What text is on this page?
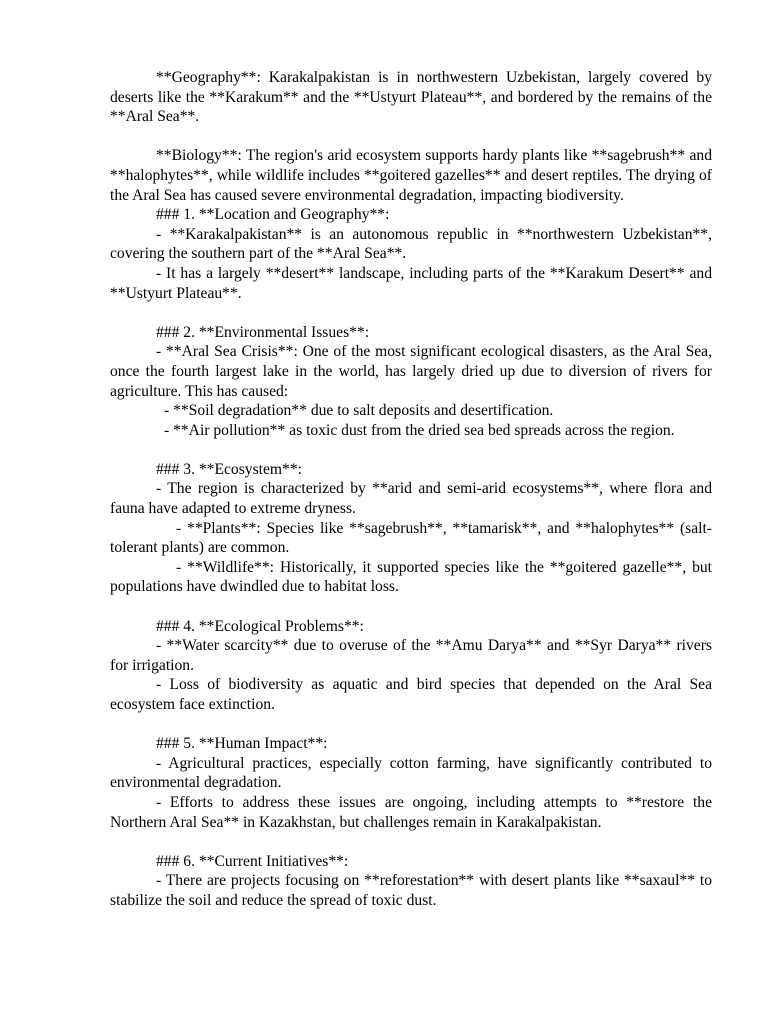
**Geography**: Karakalpakistan is in northwestern Uzbekistan, largely covered by deserts like the **Karakum** and the **Ustyurt Plateau**, and bordered by the remains of the **Aral Sea**.

**Biology**: The region's arid ecosystem supports hardy plants like **sagebrush** and **halophytes**, while wildlife includes **goitered gazelles** and desert reptiles. The drying of the Aral Sea has caused severe environmental degradation, impacting biodiversity.

### 1. **Location and Geography**:

- **Karakalpakistan** is an autonomous republic in **northwestern Uzbekistan**, covering the southern part of the **Aral Sea**.

- It has a largely **desert** landscape, including parts of the **Karakum Desert** and **Ustyurt Plateau**.

### 2. **Environmental Issues**:

- **Aral Sea Crisis**: One of the most significant ecological disasters, as the Aral Sea, once the fourth largest lake in the world, has largely dried up due to diversion of rivers for agriculture. This has caused:

- **Soil degradation** due to salt deposits and desertification.

- **Air pollution** as toxic dust from the dried sea bed spreads across the region.

### 3. **Ecosystem**:

- The region is characterized by **arid and semi-arid ecosystems**, where flora and fauna have adapted to extreme dryness.

- **Plants**: Species like **sagebrush**, **tamarisk**, and **halophytes** (salt-tolerant plants) are common.

- **Wildlife**: Historically, it supported species like the **goitered gazelle**, but populations have dwindled due to habitat loss.

### 4. **Ecological Problems**:

- **Water scarcity** due to overuse of the **Amu Darya** and **Syr Darya** rivers for irrigation.

- Loss of biodiversity as aquatic and bird species that depended on the Aral Sea ecosystem face extinction.

### 5. **Human Impact**:

- Agricultural practices, especially cotton farming, have significantly contributed to environmental degradation.

- Efforts to address these issues are ongoing, including attempts to **restore the Northern Aral Sea** in Kazakhstan, but challenges remain in Karakalpakistan.

### 6. **Current Initiatives**:

- There are projects focusing on **reforestation** with desert plants like **saxaul** to stabilize the soil and reduce the spread of toxic dust.
